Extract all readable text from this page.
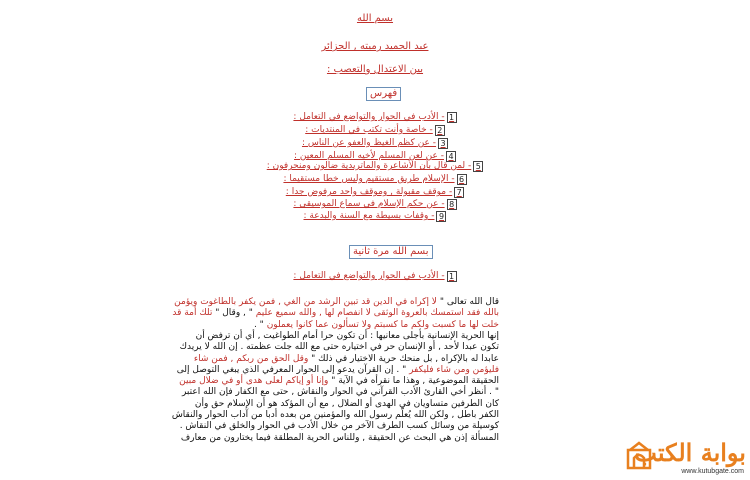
بسم الله
عبد الحميد رميته , الجزائر
بين الاعتدال والتعصب :
فهرس
1
- الأدب في الحوار والتواضع في التعامل :
2
- خاصة وأنت تكتب في المنتديات :
3
- عن كظم الغيظ والعفو عن الناس :
4
- عن لعن المسلم لأخيه المسلم المعين :
5
- لمن قال بأن الأشاعرة والماتريدية ضالون ومنحرفون :
6
- الإسلام طريق مستقيم وليس خطا مستقيما :
7
- موقف مقبولة , وموقف واحد مرفوض جدا :
8
- عن حكم الإسلام في سماع الموسيقى :
9
- وقفات بسيطة مع السنة والبدعة :
بسم الله مرة ثانية
1
- الأدب في الحوار والتواضع في التعامل :
قال الله تعالى " لا إكراه في الدين قد تبين الرشد من الغي , فمن يكفر بالطاغوت ويؤمن
بالله فقد استمسك بالعروة الوثقى لا انفصام لها , والله سميع عليم " , وقال " تلك أمة قد
خلت لها ما كسبت ولكم ما كسبتم ولا تسألون عما كانوا يعملون " .
إنها الحرية الإنسانية بأجلى معانيها : أن تكون حرا أمام الطواغيت , أي أن ترفض أن
تكون عبدا لأحد , أو الإنسان حر في اختياره حتى مع الله جلت عظمته . إن الله لا يريدك
عابدا له بالإكراه , بل منحك حرية الاختيار في ذلك " وقل الحق من ربكم , فمن شاء
فليؤمن ومن شاء فليكفر " . إن القرآن يدعو إلى الحوار المعرفي الذي يبغي التوصل إلى
الحقيقة الموضوعية , وهذا ما نقرأه في الآية " وإنا أو إياكم لعلى هدى أو في ضلال مبين
" . أنظر أخي القارئ الأدب القرآني في الحوار والنقاش , حتى مع الكفار فإن الله اعتبر
كان الطرفين متساويان في الهدى أو الضلال , مع أن المؤكد هو أن الإسلام حق وأن
الكفر باطل , ولكن الله يُعلّم رسول الله والمؤمنين من بعده أدبا من آداب الحوار والنقاش
كوسيلة من وسائل كسب الطرف الآخر من خلال الأدب في الحوار والخلق في النقاش .
المسألة إذن هي البحث عن الحقيقة , وللناس الحرية المطلقة فيما يختارون من معارف
بوابة الكتب
www.kutubgate.com
